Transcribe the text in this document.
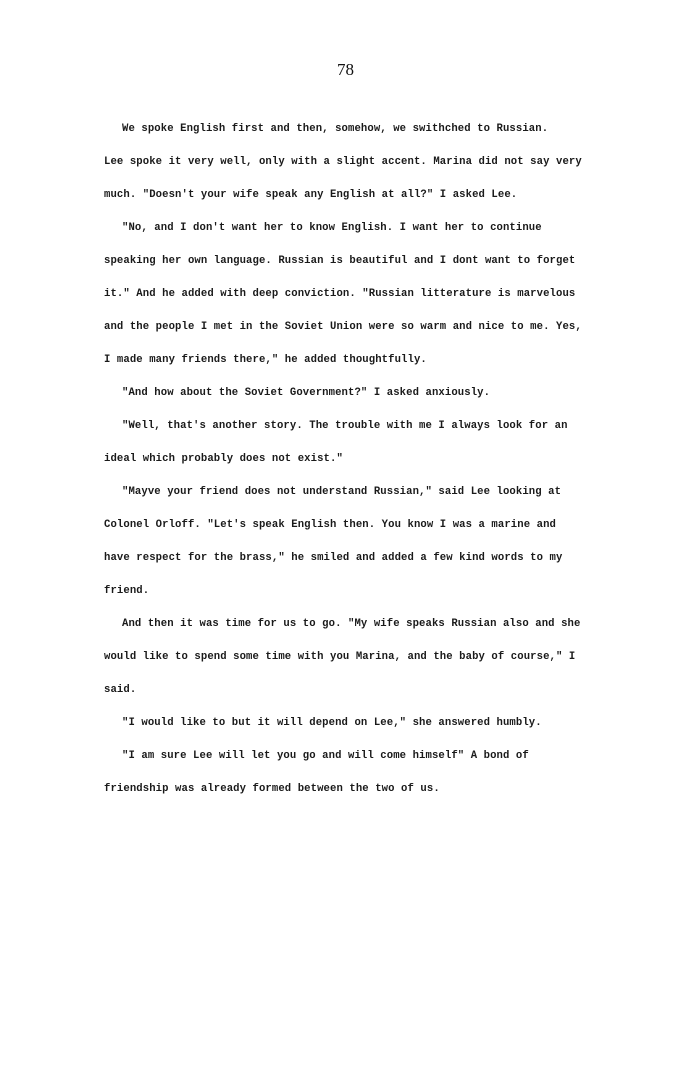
78
We spoke English first and then, somehow, we swithched to Russian.
Lee spoke it very well, only with a slight accent. Marina did not say very
much. "Doesn't your wife speak any English at all?" I asked Lee.
"No, and I don't want her to know English. I want her to continue
speaking her own language. Russian is beautiful and I dont want to forget
it." And he added with deep conviction. "Russian litterature is marvelous
and the people I met in the Soviet Union were so warm and nice to me. Yes,
I made many friends there," he added thoughtfully.
"And how about the Soviet Government?" I asked anxiously.
"Well, that's another story. The trouble with me I always look for an
ideal which probably does not exist."
"Mayve your friend does not understand Russian," said Lee looking at
Colonel Orloff. "Let's speak English then. You know I was a marine and
have respect for the brass," he smiled and added a few kind words to my
friend.
And then it was time for us to go. "My wife speaks Russian also and she
would like to spend some time with you Marina, and the baby of course," I
said.
"I would like to but it will depend on Lee," she answered humbly.
"I am sure Lee will let you go and will come himself" A bond of
friendship was already formed between the two of us.
